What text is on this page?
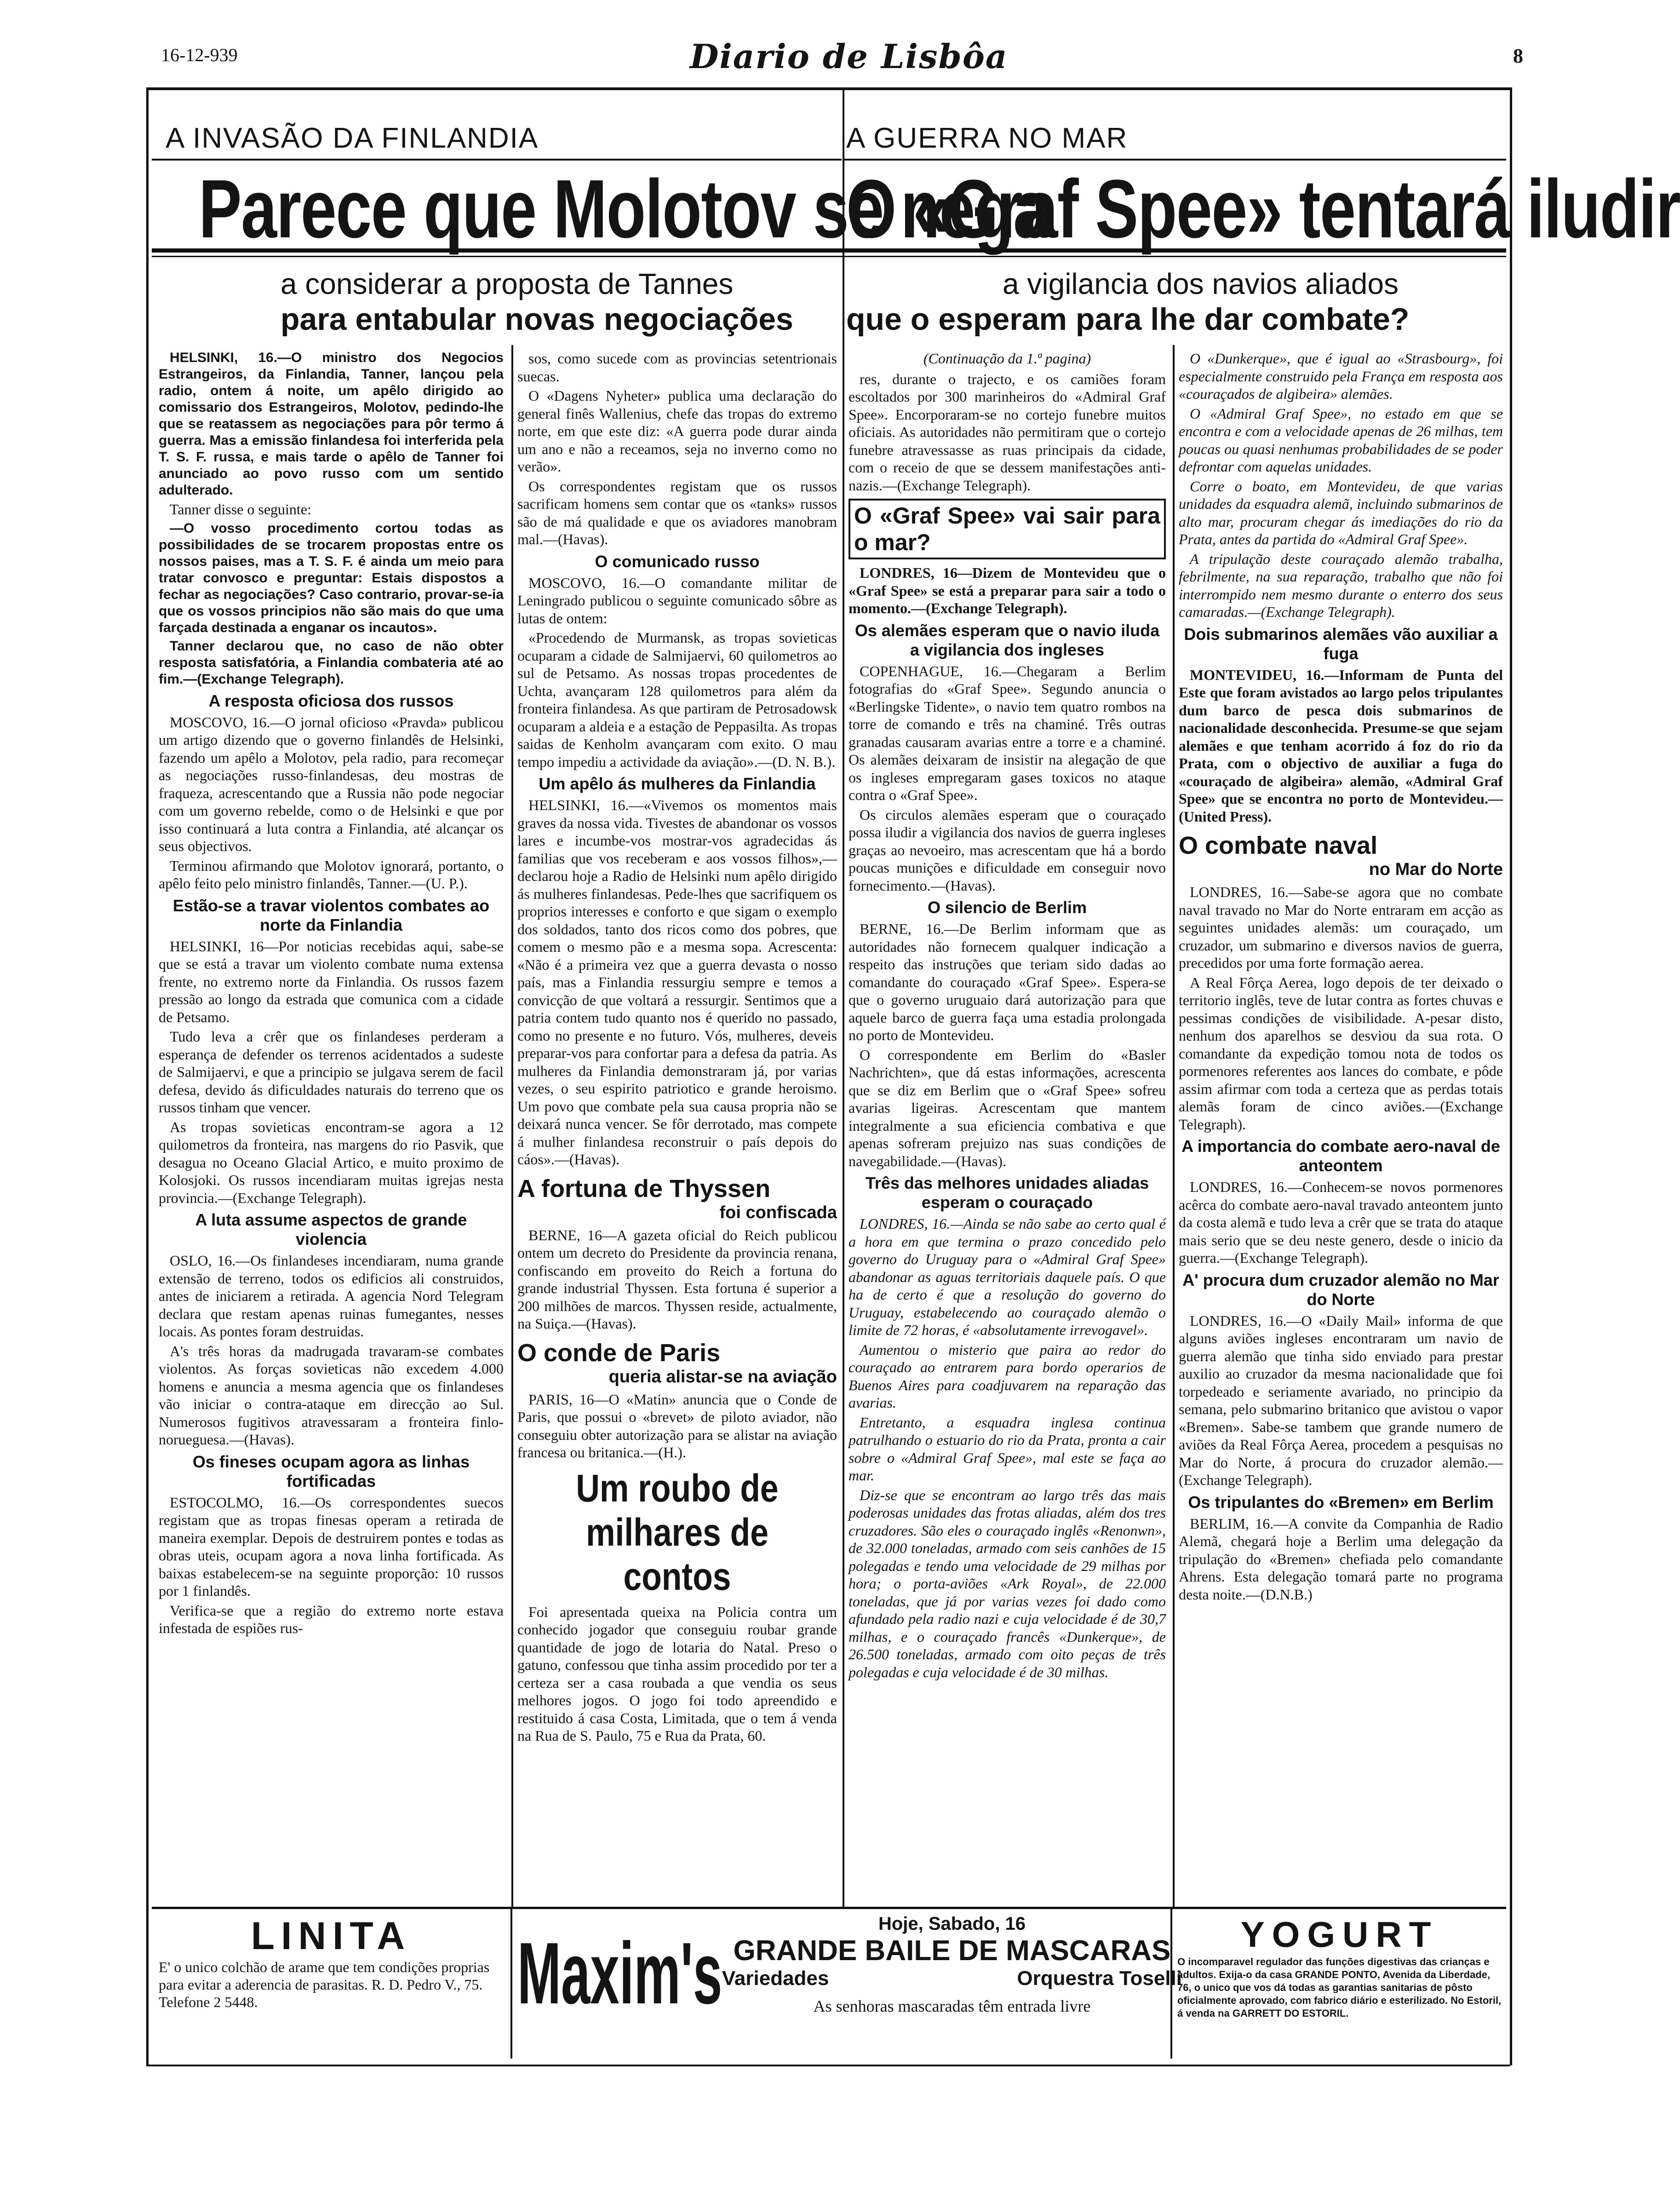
16-12-939	Diario de Lisbôa	8
A INVASÃO DA FINLANDIA	A GUERRA NO MAR
Parece que Molotov se nega
O «Graf Spee» tentará iludir
a considerar a proposta de Tannes
para entabular novas negociações
a vigilancia dos navios aliados
que o esperam para lhe dar combate?

HELSINKI, 16.—O ministro dos Negocios Estrangeiros, da Finlandia, Tanner, lançou pela radio, ontem á noite, um apêlo dirigido ao comissario dos Estrangeiros, Molotov, pedindo-lhe que se reatassem as negociações para pôr termo á guerra. Mas a emissão finlandesa foi interferida pela T. S. F. russa, e mais tarde o apêlo de Tanner foi anunciado ao povo russo com um sentido adulterado.

Tanner disse o seguinte:

—O vosso procedimento cortou todas as possibilidades de se trocarem propostas entre os nossos paises, mas a T. S. F. é ainda um meio para tratar convosco e preguntar: Estais dispostos a fechar as negociações? Caso contrario, provar-se-ia que os vossos principios não são mais do que uma farçada destinada a enganar os incautos».

Tanner declarou que, no caso de não obter resposta satisfatória, a Finlandia combateria até ao fim.—(Exchange Telegraph).

A resposta oficiosa dos russos

MOSCOVO, 16.—O jornal oficioso «Pravda» publicou um artigo dizendo que o governo finlandês de Helsinki, fazendo um apêlo a Molotov, pela radio, para recomeçar as negociações russo-finlandesas, deu mostras de fraqueza, acrescentando que a Russia não pode negociar com um governo rebelde, como o de Helsinki e que por isso continuará a luta contra a Finlandia, até alcançar os seus objectivos.

Terminou afirmando que Molotov ignorará, portanto, o apêlo feito pelo ministro finlandês, Tanner.—(U. P.).

Estão-se a travar violentos combates ao norte da Finlandia

HELSINKI, 16—Por noticias recebidas aqui, sabe-se que se está a travar um violento combate numa extensa frente, no extremo norte da Finlandia. Os russos fazem pressão ao longo da estrada que comunica com a cidade de Petsamo.

Tudo leva a crêr que os finlandeses perderam a esperança de defender os terrenos acidentados a sudeste de Salmijaervi, e que a principio se julgava serem de facil defesa, devido ás dificuldades naturais do terreno que os russos tinham que vencer.

As tropas sovieticas encontram-se agora a 12 quilometros da fronteira, nas margens do rio Pasvik, que desagua no Oceano Glacial Artico, e muito proximo de Kolosjoki. Os russos incendiaram muitas igrejas nesta provincia.—(Exchange Telegraph).

A luta assume aspectos de grande violencia

OSLO, 16.—Os finlandeses incendiaram, numa grande extensão de terreno, todos os edificios ali construidos, antes de iniciarem a retirada. A agencia Nord Telegram declara que restam apenas ruinas fumegantes, nesses locais. As pontes foram destruidas.

A's três horas da madrugada travaram-se combates violentos. As forças sovieticas não excedem 4.000 homens e anuncia a mesma agencia que os finlandeses vão iniciar o contra-ataque em direcção ao Sul. Numerosos fugitivos atravessaram a fronteira finlo-norueguesa.—(Havas).

Os fineses ocupam agora as linhas fortificadas

ESTOCOLMO, 16.—Os correspondentes suecos registam que as tropas finesas operam a retirada de maneira exemplar. Depois de destruirem pontes e todas as obras uteis, ocupam agora a nova linha fortificada. As baixas estabelecem-se na seguinte proporção: 10 russos por 1 finlandês.

Verifica-se que a região do extremo norte estava infestada de espiões rus-

sos, como sucede com as provincias setentrionais suecas.

O «Dagens Nyheter» publica uma declaração do general finês Wallenius, chefe das tropas do extremo norte, em que este diz: «A guerra pode durar ainda um ano e não a receamos, seja no inverno como no verão».

Os correspondentes registam que os russos sacrificam homens sem contar que os «tanks» russos são de má qualidade e que os aviadores manobram mal.—(Havas).

O comunicado russo

MOSCOVO, 16.—O comandante militar de Leningrado publicou o seguinte comunicado sôbre as lutas de ontem:

«Procedendo de Murmansk, as tropas sovieticas ocuparam a cidade de Salmijaervi, 60 quilometros ao sul de Petsamo. As nossas tropas procedentes de Uchta, avançaram 128 quilometros para além da fronteira finlandesa. As que partiram de Petrosadowsk ocuparam a aldeia e a estação de Peppasilta. As tropas saidas de Kenholm avançaram com exito. O mau tempo impediu a actividade da aviação».—(D. N. B.).

Um apêlo ás mulheres da Finlandia

HELSINKI, 16.—«Vivemos os momentos mais graves da nossa vida. Tivestes de abandonar os vossos lares e incumbe-vos mostrar-vos agradecidas ás familias que vos receberam e aos vossos filhos»,—declarou hoje a Radio de Helsinki num apêlo dirigido ás mulheres finlandesas. Pede-lhes que sacrifiquem os proprios interesses e conforto e que sigam o exemplo dos soldados, tanto dos ricos como dos pobres, que comem o mesmo pão e a mesma sopa. Acrescenta: «Não é a primeira vez que a guerra devasta o nosso país, mas a Finlandia ressurgiu sempre e temos a convicção de que voltará a ressurgir. Sentimos que a patria contem tudo quanto nos é querido no passado, como no presente e no futuro. Vós, mulheres, deveis preparar-vos para confortar para a defesa da patria. As mulheres da Finlandia demonstraram já, por varias vezes, o seu espirito patriotico e grande heroismo. Um povo que combate pela sua causa propria não se deixará nunca vencer. Se fôr derrotado, mas compete á mulher finlandesa reconstruir o país depois do cáos».—(Havas).

A fortuna de Thyssen
foi confiscada

BERNE, 16—A gazeta oficial do Reich publicou ontem um decreto do Presidente da provincia renana, confiscando em proveito do Reich a fortuna do grande industrial Thyssen. Esta fortuna é superior a 200 milhões de marcos. Thyssen reside, actualmente, na Suiça.—(Havas).

O conde de Paris
queria alistar-se na aviação

PARIS, 16—O «Matin» anuncia que o Conde de Paris, que possui o «brevet» de piloto aviador, não conseguiu obter autorização para se alistar na aviação francesa ou britanica.—(H.).

Um roubo de milhares de contos

Foi apresentada queixa na Policia contra um conhecido jogador que conseguiu roubar grande quantidade de jogo de lotaria do Natal. Preso o gatuno, confessou que tinha assim procedido por ter a certeza ser a casa roubada a que vendia os seus melhores jogos. O jogo foi todo apreendido e restituido á casa Costa, Limitada, que o tem á venda na Rua de S. Paulo, 75 e Rua da Prata, 60.

(Continuação da 1.ª pagina)

res, durante o trajecto, e os camiões foram escoltados por 300 marinheiros do «Admiral Graf Spee». Encorporaram-se no cortejo funebre muitos oficiais. As autoridades não permitiram que o cortejo funebre atravessasse as ruas principais da cidade, com o receio de que se dessem manifestações anti-nazis.—(Exchange Telegraph).

O «Graf Spee» vai sair para o mar?

LONDRES, 16—Dizem de Montevideu que o «Graf Spee» se está a preparar para sair a todo o momento.—(Exchange Telegraph).

Os alemães esperam que o navio iluda a vigilancia dos ingleses

COPENHAGUE, 16.—Chegaram a Berlim fotografias do «Graf Spee». Segundo anuncia o «Berlingske Tidente», o navio tem quatro rombos na torre de comando e três na chaminé. Três outras granadas causaram avarias entre a torre e a chaminé. Os alemães deixaram de insistir na alegação de que os ingleses empregaram gases toxicos no ataque contra o «Graf Spee».

Os circulos alemães esperam que o couraçado possa iludir a vigilancia dos navios de guerra ingleses graças ao nevoeiro, mas acrescentam que há a bordo poucas munições e dificuldade em conseguir novo fornecimento.—(Havas).

O silencio de Berlim

BERNE, 16.—De Berlim informam que as autoridades não fornecem qualquer indicação a respeito das instruções que teriam sido dadas ao comandante do couraçado «Graf Spee». Espera-se que o governo uruguaio dará autorização para que aquele barco de guerra faça uma estadia prolongada no porto de Montevideu.

O correspondente em Berlim do «Basler Nachrichten», que dá estas informações, acrescenta que se diz em Berlim que o «Graf Spee» sofreu avarias ligeiras. Acrescentam que mantem integralmente a sua eficiencia combativa e que apenas sofreram prejuizo nas suas condições de navegabilidade.—(Havas).

Três das melhores unidades aliadas esperam o couraçado

LONDRES, 16.—Ainda se não sabe ao certo qual é a hora em que termina o prazo concedido pelo governo do Uruguay para o «Admiral Graf Spee» abandonar as aguas territoriais daquele país. O que ha de certo é que a resolução do governo do Uruguay, estabelecendo ao couraçado alemão o limite de 72 horas, é «absolutamente irrevogavel».

Aumentou o misterio que paira ao redor do couraçado ao entrarem para bordo operarios de Buenos Aires para coadjuvarem na reparação das avarias.

Entretanto, a esquadra inglesa continua patrulhando o estuario do rio da Prata, pronta a cair sobre o «Admiral Graf Spee», mal este se faça ao mar.

Diz-se que se encontram ao largo três das mais poderosas unidades das frotas aliadas, além dos tres cruzadores. São eles o couraçado inglês «Renonwn», de 32.000 toneladas, armado com seis canhões de 15 polegadas e tendo uma velocidade de 29 milhas por hora; o porta-aviões «Ark Royal», de 22.000 toneladas, que já por varias vezes foi dado como afundado pela radio nazi e cuja velocidade é de 30,7 milhas, e o couraçado francês «Dunkerque», de 26.500 toneladas, armado com oito peças de três polegadas e cuja velocidade é de 30 milhas.

O «Dunkerque», que é igual ao «Strasbourg», foi especialmente construido pela França em resposta aos «couraçados de algibeira» alemães.

O «Admiral Graf Spee», no estado em que se encontra e com a velocidade apenas de 26 milhas, tem poucas ou quasi nenhumas probabilidades de se poder defrontar com aquelas unidades.

Corre o boato, em Montevideu, de que varias unidades da esquadra alemã, incluindo submarinos de alto mar, procuram chegar ás imediações do rio da Prata, antes da partida do «Admiral Graf Spee».

A tripulação deste couraçado alemão trabalha, febrilmente, na sua reparação, trabalho que não foi interrompido nem mesmo durante o enterro dos seus camaradas.—(Exchange Telegraph).

Dois submarinos alemães vão auxiliar a fuga

MONTEVIDEU, 16.—Informam de Punta del Este que foram avistados ao largo pelos tripulantes dum barco de pesca dois submarinos de nacionalidade desconhecida. Presume-se que sejam alemães e que tenham acorrido á foz do rio da Prata, com o objectivo de auxiliar a fuga do «couraçado de algibeira» alemão, «Admiral Graf Spee» que se encontra no porto de Montevideu.—(United Press).

O combate naval
no Mar do Norte

LONDRES, 16.—Sabe-se agora que no combate naval travado no Mar do Norte entraram em acção as seguintes unidades alemãs: um couraçado, um cruzador, um submarino e diversos navios de guerra, precedidos por uma forte formação aerea.

A Real Fôrça Aerea, logo depois de ter deixado o territorio inglês, teve de lutar contra as fortes chuvas e pessimas condições de visibilidade. A-pesar disto, nenhum dos aparelhos se desviou da sua rota. O comandante da expedição tomou nota de todos os pormenores referentes aos lances do combate, e pôde assim afirmar com toda a certeza que as perdas totais alemãs foram de cinco aviões.—(Exchange Telegraph).

A importancia do combate aero-naval de anteontem

LONDRES, 16.—Conhecem-se novos pormenores acêrca do combate aero-naval travado anteontem junto da costa alemã e tudo leva a crêr que se trata do ataque mais serio que se deu neste genero, desde o inicio da guerra.—(Exchange Telegraph).

A' procura dum cruzador alemão no Mar do Norte

LONDRES, 16.—O «Daily Mail» informa de que alguns aviões ingleses encontraram um navio de guerra alemão que tinha sido enviado para prestar auxilio ao cruzador da mesma nacionalidade que foi torpedeado e seriamente avariado, no principio da semana, pelo submarino britanico que avistou o vapor «Bremen». Sabe-se tambem que grande numero de aviões da Real Fôrça Aerea, procedem a pesquisas no Mar do Norte, á procura do cruzador alemão.—(Exchange Telegraph).

Os tripulantes do «Bremen» em Berlim

BERLIM, 16.—A convite da Companhia de Radio Alemã, chegará hoje a Berlim uma delegação da tripulação do «Bremen» chefiada pelo comandante Ahrens. Esta delegação tomará parte no programa desta noite.—(D.N.B.)

LINITA
E' o unico colchão de arame que tem condições proprias para evitar a aderencia de parasitas. R. D. Pedro V., 75. Telefone 2 5448.	Maxim's
Hoje, Sabado, 16
GRANDE BAILE DE MASCARAS
Variedades	Orquestra Toselli
As senhoras mascaradas têm entrada livre
YOGURT
O incomparavel regulador das funções digestivas das crianças e adultos. Exija-o da casa GRANDE PONTO, Avenida da Liberdade, 76, o unico que vos dá todas as garantias sanitarias de pôsto oficialmente aprovado, com fabrico diário e esterilizado. No Estoril, á venda na GARRETT DO ESTORIL.
